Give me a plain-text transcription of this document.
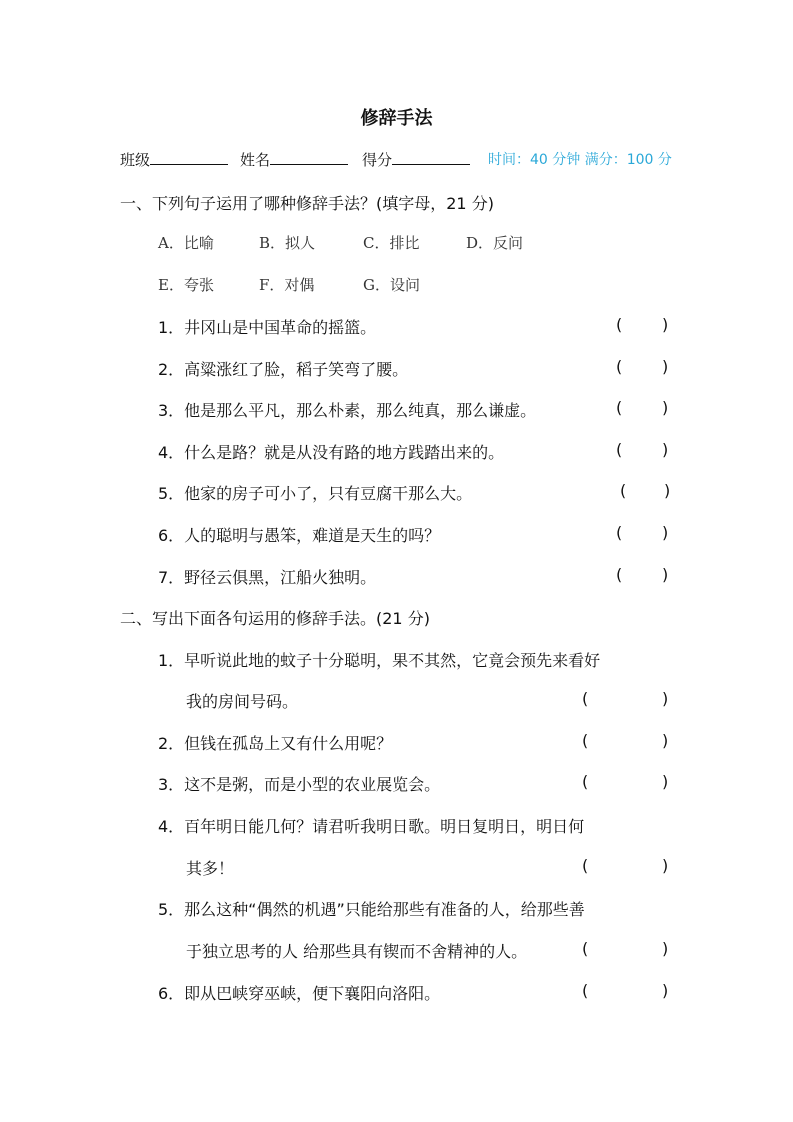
修辞手法
班级	姓名	得分	时间：40 分钟 满分：100 分
一、下列句子运用了哪种修辞手法？(填字母，21 分)
A．比喻	B．拟人	C．排比	D．反问
E．夸张	F．对偶	G．设问
1．井冈山是中国革命的摇篮。	( )
2．高粱涨红了脸，稻子笑弯了腰。	( )
3．他是那么平凡，那么朴素，那么纯真，那么谦虚。	( )
4．什么是路？就是从没有路的地方践踏出来的。	( )
5．他家的房子可小了，只有豆腐干那么大。	( )
6．人的聪明与愚笨，难道是天生的吗？	( )
7．野径云俱黑，江船火独明。	( )
二、写出下面各句运用的修辞手法。(21 分)
1．早听说此地的蚊子十分聪明，果不其然，它竟会预先来看好
我的房间号码。	(	)
2．但钱在孤岛上又有什么用呢？	(	)
3．这不是粥，而是小型的农业展览会。	(	)
4．百年明日能几何？请君听我明日歌。明日复明日，明日何
其多！	(	)
5．那么这种“偶然的机遇”只能给那些有准备的人，给那些善
于独立思考的人 给那些具有锲而不舍精神的人。	(	)
6．即从巴峡穿巫峡，便下襄阳向洛阳。	(	)
